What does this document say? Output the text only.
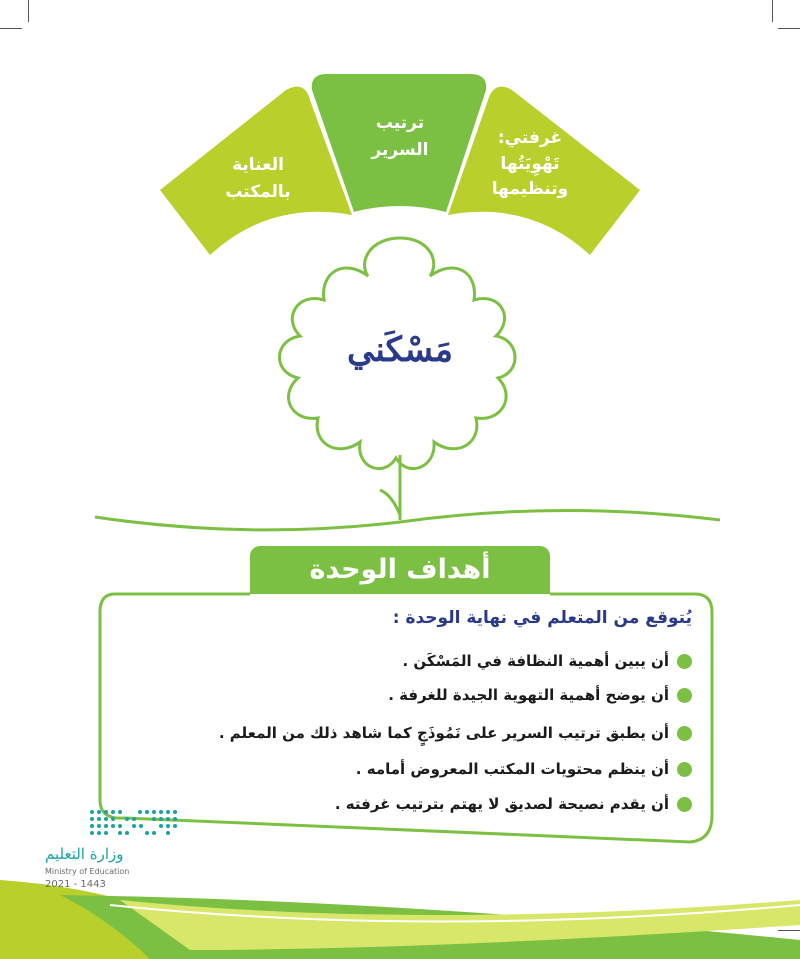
العناية
بالمكتب
ترتيب
السرير
غرفتي:
تَهْوِيَتُها
وتنظيمها
مَسْكَني
أهداف الوحدة
يُتوقع من المتعلم في نهاية الوحدة :
أن يبين أهمية النظافة في المَسْكَن .
أن يوضح أهمية التهوية الجيدة للغرفة .
أن يطبق ترتيب السرير على نَمُوذَجٍ كما شاهد ذلك من المعلم .
أن ينظم محتويات المكتب المعروض أمامه .
أن يقدم نصيحة لصديق لا يهتم بترتيب غرفته .
وزارة التعليم
Ministry of Education
2021 - 1443
